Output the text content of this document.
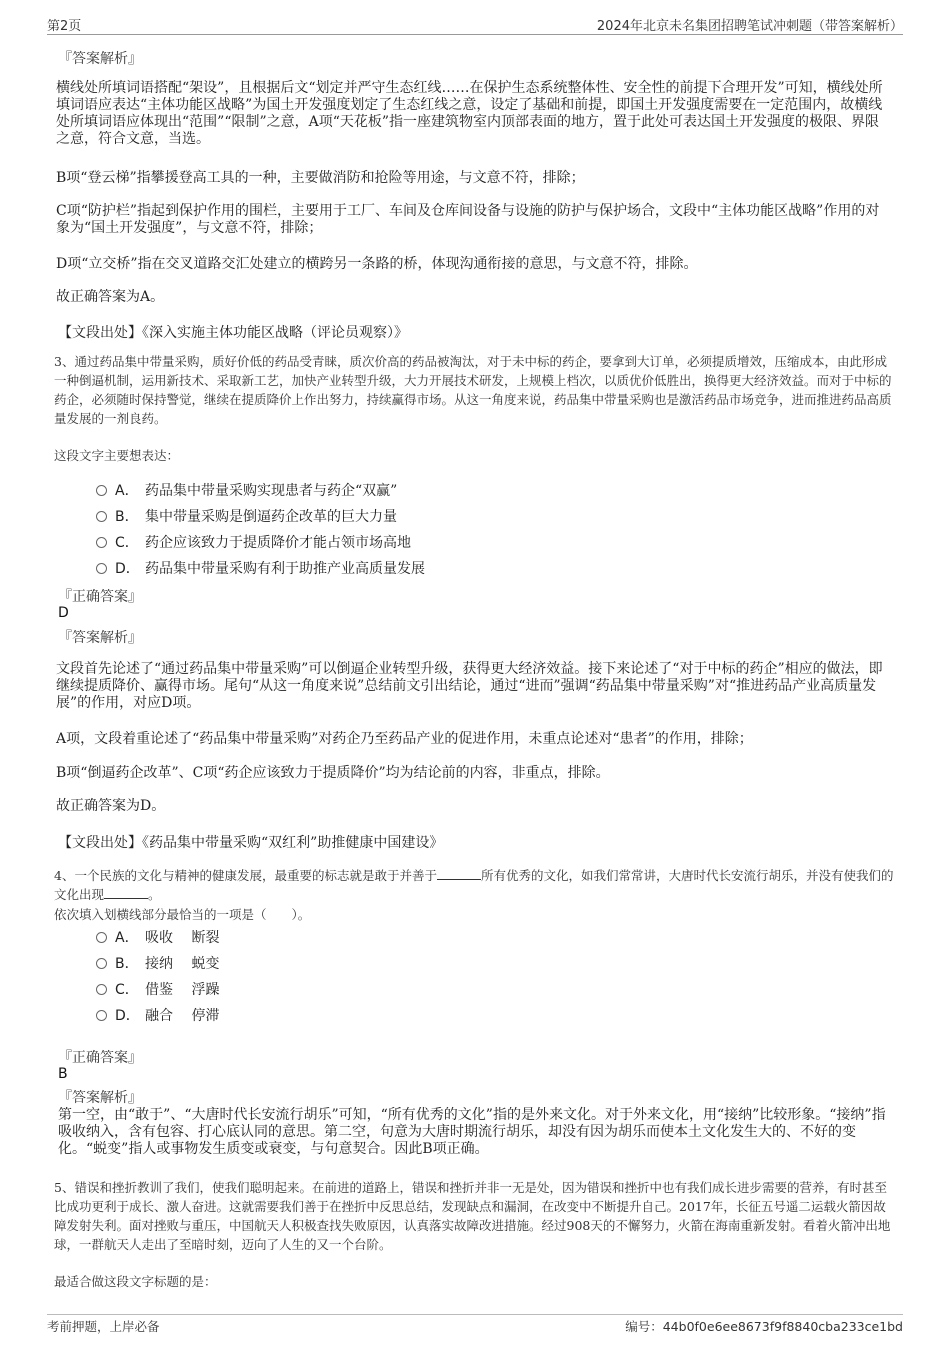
第2页	2024年北京未名集团招聘笔试冲刺题（带答案解析）
『答案解析』
横线处所填词语搭配“架设”，且根据后文“划定并严守生态红线……在保护生态系统整体性、安全性的前提下合理开发”可知，横线处所填词语应表达“主体功能区战略”为国土开发强度划定了生态红线之意，设定了基础和前提，即国土开发强度需要在一定范围内，故横线处所填词语应体现出“范围”“限制”之意，A项“天花板”指一座建筑物室内顶部表面的地方，置于此处可表达国土开发强度的极限、界限之意，符合文意，当选。
B项“登云梯”指攀援登高工具的一种，主要做消防和抢险等用途，与文意不符，排除；
C项“防护栏”指起到保护作用的围栏，主要用于工厂、车间及仓库间设备与设施的防护与保护场合，文段中“主体功能区战略”作用的对象为“国土开发强度”，与文意不符，排除；
D项“立交桥”指在交叉道路交汇处建立的横跨另一条路的桥，体现沟通衔接的意思，与文意不符，排除。
故正确答案为A。
【文段出处】《深入实施主体功能区战略（评论员观察）》
3、通过药品集中带量采购，质好价低的药品受青睐，质次价高的药品被淘汰，对于未中标的药企，要拿到大订单，必须提质增效，压缩成本，由此形成一种倒逼机制，运用新技术、采取新工艺，加快产业转型升级，大力开展技术研发，上规模上档次，以质优价低胜出，换得更大经济效益。而对于中标的药企，必须随时保持警觉，继续在提质降价上作出努力，持续赢得市场。从这一角度来说，药品集中带量采购也是激活药品市场竞争，进而推进药品高质量发展的一剂良药。
这段文字主要想表达：
A． 药品集中带量采购实现患者与药企“双赢”
B． 集中带量采购是倒逼药企改革的巨大力量
C． 药企应该致力于提质降价才能占领市场高地
D． 药品集中带量采购有利于助推产业高质量发展
『正确答案』
D
『答案解析』
文段首先论述了“通过药品集中带量采购”可以倒逼企业转型升级，获得更大经济效益。接下来论述了“对于中标的药企”相应的做法，即继续提质降价、赢得市场。尾句“从这一角度来说”总结前文引出结论，通过“进而”强调“药品集中带量采购”对“推进药品产业高质量发展”的作用，对应D项。
A项，文段着重论述了“药品集中带量采购”对药企乃至药品产业的促进作用，未重点论述对“患者”的作用，排除；
B项“倒逼药企改革”、C项“药企应该致力于提质降价”均为结论前的内容，非重点，排除。
故正确答案为D。
【文段出处】《药品集中带量采购“双红利”助推健康中国建设》
4、一个民族的文化与精神的健康发展，最重要的标志就是敢于并善于	所有优秀的文化，如我们常常讲，大唐时代长安流行胡乐，并没有使我们的文化出现	。
依次填入划横线部分最恰当的一项是（　　）。
A． 吸收　 断裂
B． 接纳　 蜕变
C． 借鉴　 浮躁
D． 融合　 停滞
『正确答案』
B
『答案解析』
第一空，由“敢于”、“大唐时代长安流行胡乐”可知，“所有优秀的文化”指的是外来文化。对于外来文化，用“接纳”比较形象。“接纳”指吸收纳入，含有包容、打心底认同的意思。第二空，句意为大唐时期流行胡乐，却没有因为胡乐而使本土文化发生大的、不好的变化。“蜕变”指人或事物发生质变或衰变，与句意契合。因此B项正确。
5、错误和挫折教训了我们，使我们聪明起来。在前进的道路上，错误和挫折并非一无是处，因为错误和挫折中也有我们成长进步需要的营养，有时甚至比成功更利于成长、激人奋进。这就需要我们善于在挫折中反思总结，发现缺点和漏洞，在改变中不断提升自己。2017年，长征五号遥二运载火箭因故障发射失利。面对挫败与重压，中国航天人积极查找失败原因，认真落实故障改进措施。经过908天的不懈努力，火箭在海南重新发射。看着火箭冲出地球，一群航天人走出了至暗时刻，迈向了人生的又一个台阶。
最适合做这段文字标题的是：
考前押题，上岸必备	编号：44b0f0e6ee8673f9f8840cba233ce1bd
